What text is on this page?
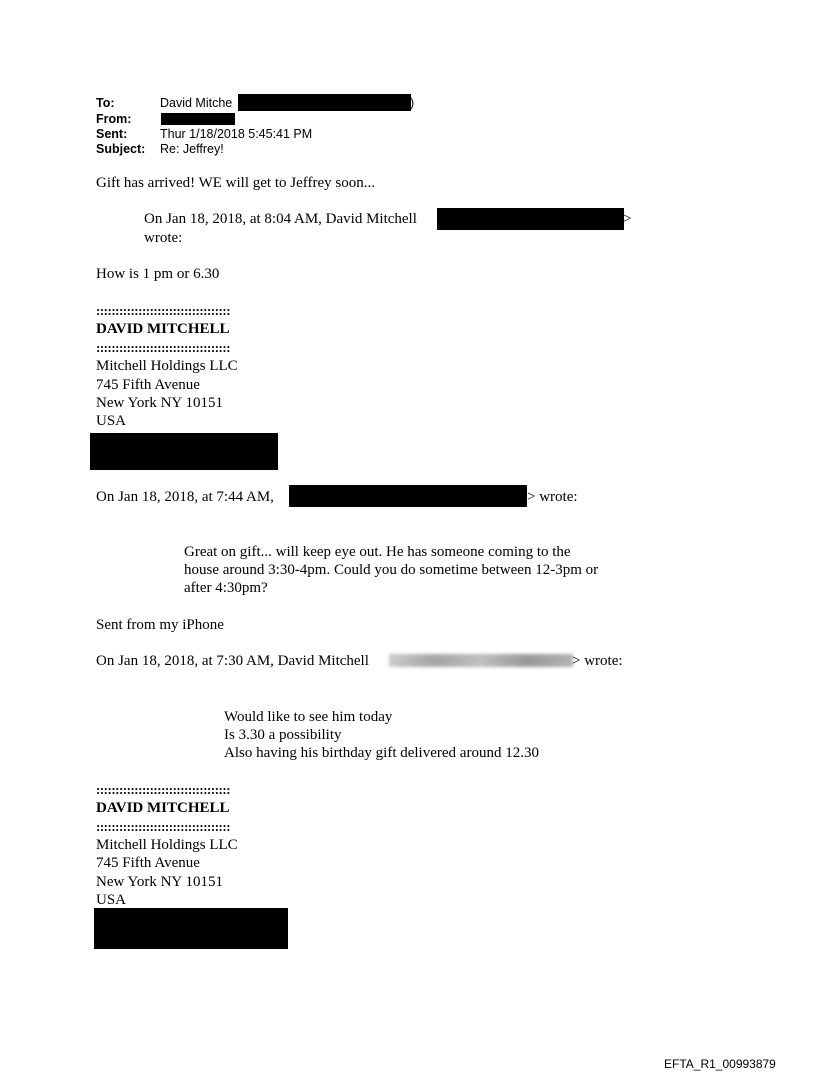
To:	David Mitche	)
From:
Sent:	Thur 1/18/2018 5:45:41 PM
Subject: Re: Jeffrey!
Gift has arrived! WE will get to Jeffrey soon...
On Jan 18, 2018, at 8:04 AM, David Mitchell	>
wrote:
How is 1 pm or 6.30
:::::::::::::::::::::::::::::::::::
DAVID MITCHELL
:::::::::::::::::::::::::::::::::::
Mitchell Holdings LLC
745 Fifth Avenue
New York NY 10151
USA
On Jan 18, 2018, at 7:44 AM,	> wrote:
Great on gift... will keep eye out. He has someone coming to the
house around 3:30-4pm. Could you do sometime between 12-3pm or
after 4:30pm?
Sent from my iPhone
On Jan 18, 2018, at 7:30 AM, David Mitchell	> wrote:
Would like to see him today
Is 3.30 a possibility
Also having his birthday gift delivered around 12.30
:::::::::::::::::::::::::::::::::::
DAVID MITCHELL
:::::::::::::::::::::::::::::::::::
Mitchell Holdings LLC
745 Fifth Avenue
New York NY 10151
USA
EFTA_R1_00993879
